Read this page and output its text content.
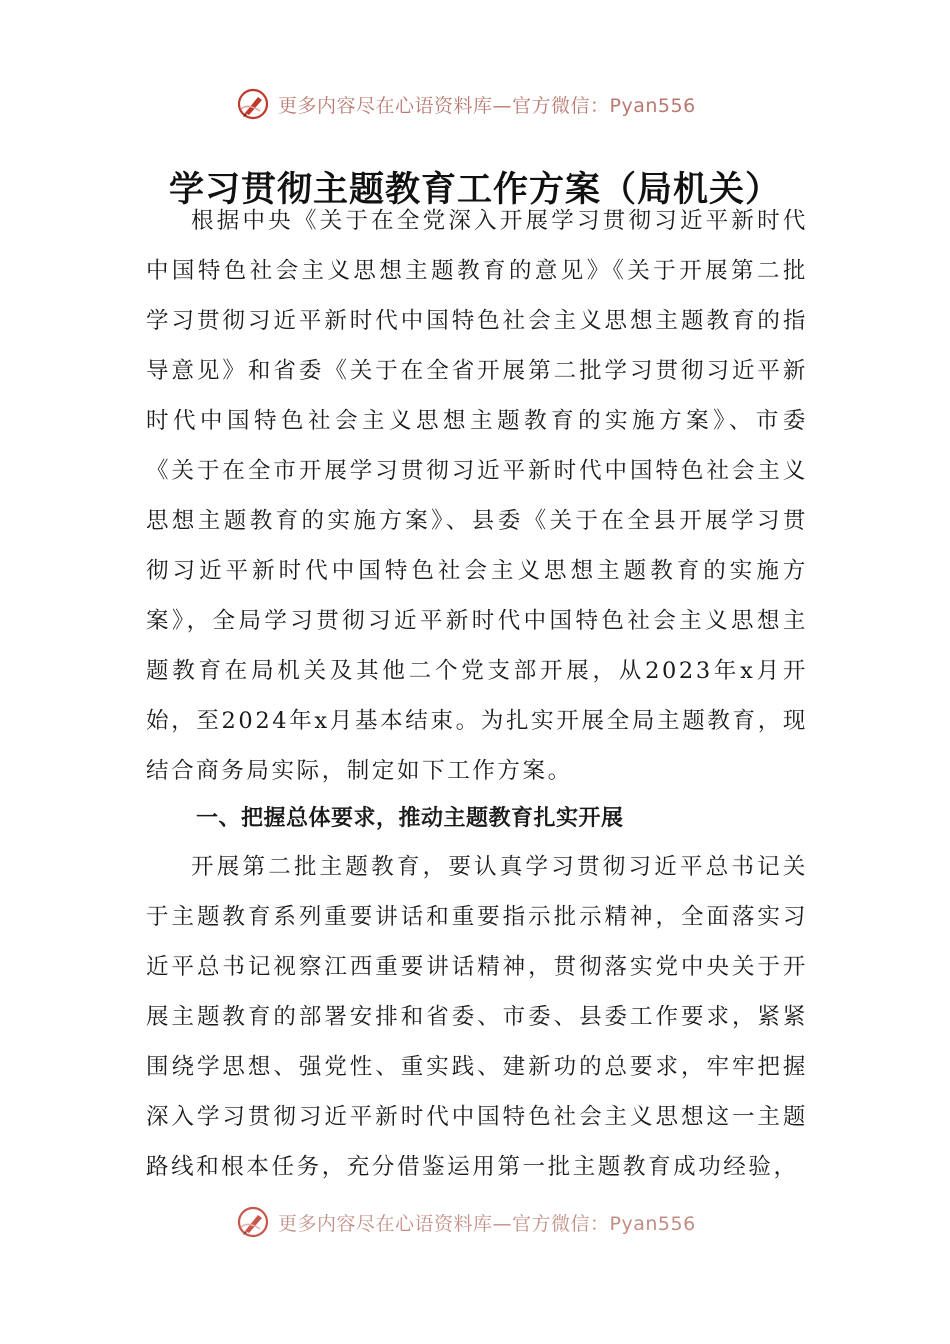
更多内容尽在心语资料库—官方微信：Pyan556
学习贯彻主题教育工作方案（局机关）

根据中央《关于在全党深入开展学习贯彻习近平新时代中国特色社会主义思想主题教育的意见》《关于开展第二批学习贯彻习近平新时代中国特色社会主义思想主题教育的指导意见》和省委《关于在全省开展第二批学习贯彻习近平新时代中国特色社会主义思想主题教育的实施方案》、市委《关于在全市开展学习贯彻习近平新时代中国特色社会主义思想主题教育的实施方案》、县委《关于在全县开展学习贯彻习近平新时代中国特色社会主义思想主题教育的实施方案》，全局学习贯彻习近平新时代中国特色社会主义思想主题教育在局机关及其他二个党支部开展，从2023年x月开始，至2024年x月基本结束。为扎实开展全局主题教育，现结合商务局实际，制定如下工作方案。

一、把握总体要求，推动主题教育扎实开展

开展第二批主题教育，要认真学习贯彻习近平总书记关于主题教育系列重要讲话和重要指示批示精神，全面落实习近平总书记视察江西重要讲话精神，贯彻落实党中央关于开展主题教育的部署安排和省委、市委、县委工作要求，紧紧围绕学思想、强党性、重实践、建新功的总要求，牢牢把握深入学习贯彻习近平新时代中国特色社会主义思想这一主题路线和根本任务，充分借鉴运用第一批主题教育成功经验，

更多内容尽在心语资料库—官方微信：Pyan556
